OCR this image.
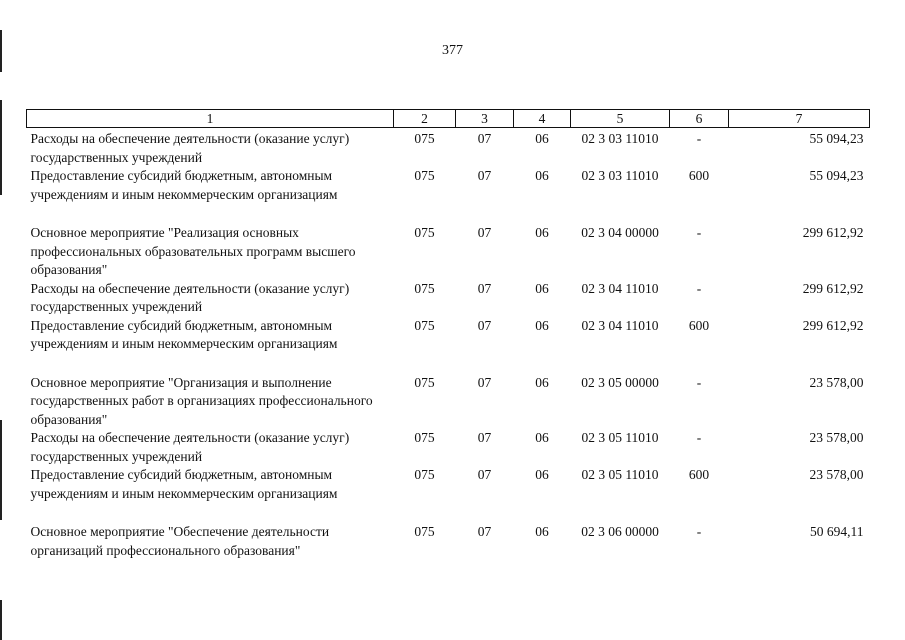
377
1	2	3	4	5	6	7
Расходы на обеспечение деятельности (оказание услуг) государственных учреждений	075	07	06	02 3 03 11010	-	55 094,23
Предоставление субсидий бюджетным, автономным учреждениям и иным некоммерческим организациям	075	07	06	02 3 03 11010	600	55 094,23
Основное мероприятие "Реализация основных профессиональных образовательных программ высшего образования"	075	07	06	02 3 04 00000	-	299 612,92
Расходы на обеспечение деятельности (оказание услуг) государственных учреждений	075	07	06	02 3 04 11010	-	299 612,92
Предоставление субсидий бюджетным, автономным учреждениям и иным некоммерческим организациям	075	07	06	02 3 04 11010	600	299 612,92
Основное мероприятие "Организация и выполнение государственных работ в организациях профессионального образования"	075	07	06	02 3 05 00000	-	23 578,00
Расходы на обеспечение деятельности (оказание услуг) государственных учреждений	075	07	06	02 3 05 11010	-	23 578,00
Предоставление субсидий бюджетным, автономным учреждениям и иным некоммерческим организациям	075	07	06	02 3 05 11010	600	23 578,00
Основное мероприятие "Обеспечение деятельности организаций профессионального образования"	075	07	06	02 3 06 00000	-	50 694,11
